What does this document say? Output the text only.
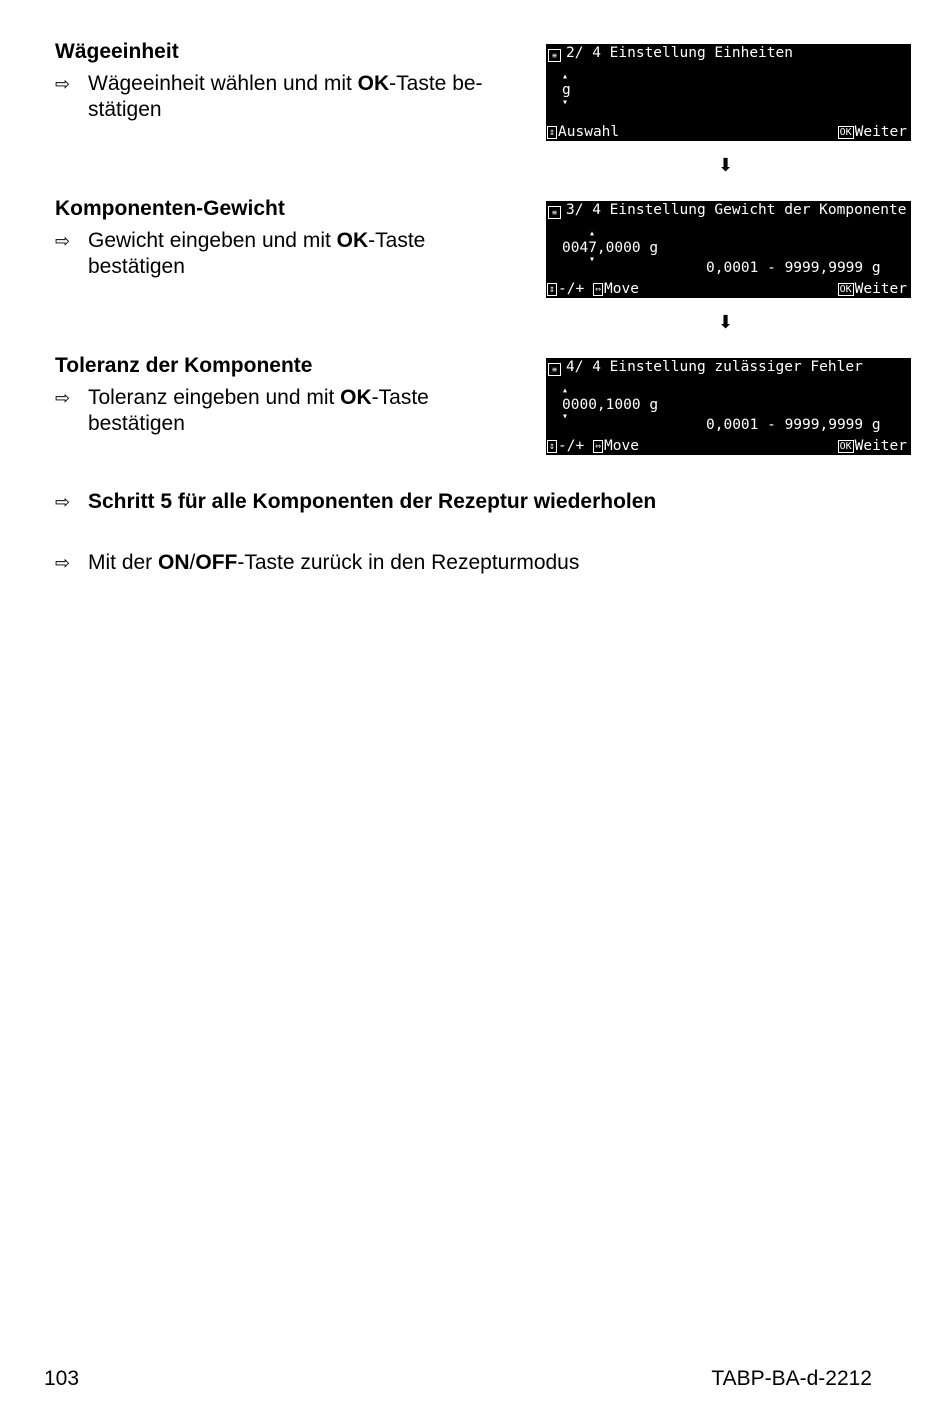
Wägeeinheit
⇨ Wägeeinheit wählen und mit OK-Taste be-
stätigen
≡ 2/ 4 Einstellung Einheiten
▴
g
▾
⇕ Auswahl	OK Weiter
⬇
Komponenten-Gewicht
⇨ Gewicht eingeben und mit OK-Taste
bestätigen
≡ 3/ 4 Einstellung Gewicht der Komponente
▴
0047,0000 g
▾
0,0001 - 9999,9999 g
⇕ -/+ ⇔ Move	OK Weiter
⬇
Toleranz der Komponente
⇨ Toleranz eingeben und mit OK-Taste
bestätigen
≡ 4/ 4 Einstellung zulässiger Fehler
▴
0000,1000 g
▾
0,0001 - 9999,9999 g
⇕ -/+ ⇔ Move	OK Weiter
⇨ Schritt 5 für alle Komponenten der Rezeptur wiederholen
⇨ Mit der ON/OFF-Taste zurück in den Rezepturmodus
103	TABP-BA-d-2212
